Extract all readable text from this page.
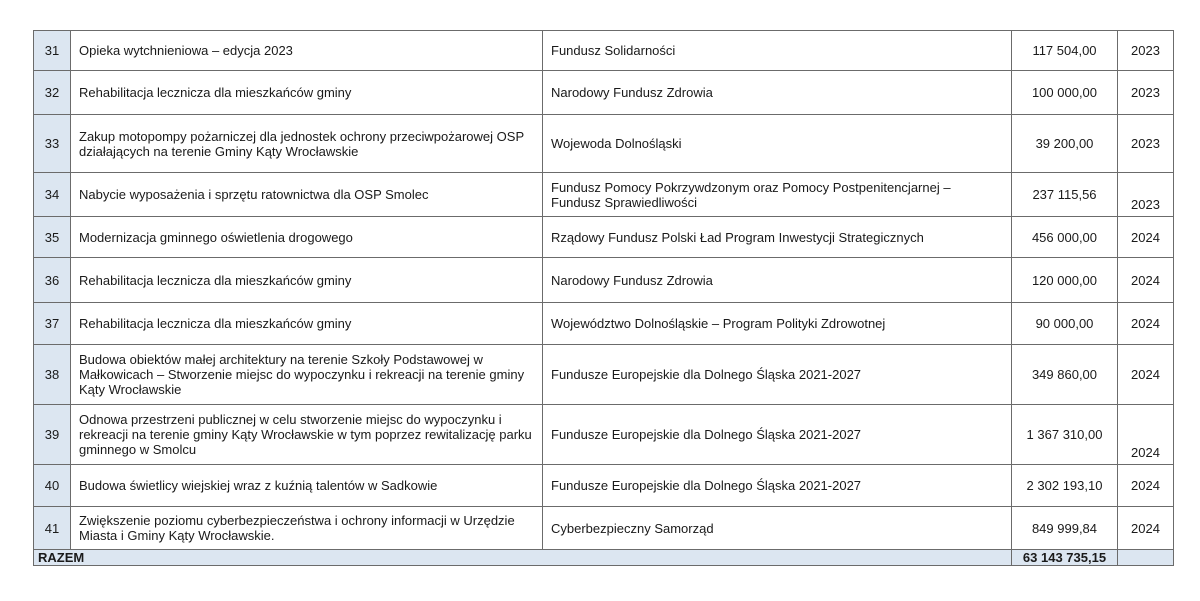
31	Opieka wytchnieniowa – edycja 2023	Fundusz Solidarności	117 504,00	2023
32	Rehabilitacja lecznicza dla mieszkańców gminy	Narodowy Fundusz Zdrowia	100 000,00	2023
33	Zakup motopompy pożarniczej dla jednostek ochrony przeciwpożarowej OSP działających na terenie Gminy Kąty Wrocławskie	Wojewoda Dolnośląski	39 200,00	2023
34	Nabycie wyposażenia i sprzętu ratownictwa dla OSP Smolec	Fundusz Pomocy Pokrzywdzonym oraz Pomocy Postpenitencjarnej – Fundusz Sprawiedliwości	237 115,56	2023
35	Modernizacja gminnego oświetlenia drogowego	Rządowy Fundusz Polski Ład Program Inwestycji Strategicznych	456 000,00	2024
36	Rehabilitacja lecznicza dla mieszkańców gminy	Narodowy Fundusz Zdrowia	120 000,00	2024
37	Rehabilitacja lecznicza dla mieszkańców gminy	Województwo Dolnośląskie – Program Polityki Zdrowotnej	90 000,00	2024
38	Budowa obiektów małej architektury na terenie Szkoły Podstawowej w Małkowicach – Stworzenie miejsc do wypoczynku i rekreacji na terenie gminy Kąty Wrocławskie	Fundusze Europejskie dla Dolnego Śląska 2021-2027	349 860,00	2024
39	Odnowa przestrzeni publicznej w celu stworzenie miejsc do wypoczynku i rekreacji na terenie gminy Kąty Wrocławskie w tym poprzez rewitalizację parku gminnego w Smolcu	Fundusze Europejskie dla Dolnego Śląska 2021-2027	1 367 310,00	2024
40	Budowa świetlicy wiejskiej wraz z kuźnią talentów w Sadkowie	Fundusze Europejskie dla Dolnego Śląska 2021-2027	2 302 193,10	2024
41	Zwiększenie poziomu cyberbezpieczeństwa i ochrony informacji w Urzędzie Miasta i Gminy Kąty Wrocławskie.	Cyberbezpieczny Samorząd	849 999,84	2024
RAZEM			63 143 735,15	
